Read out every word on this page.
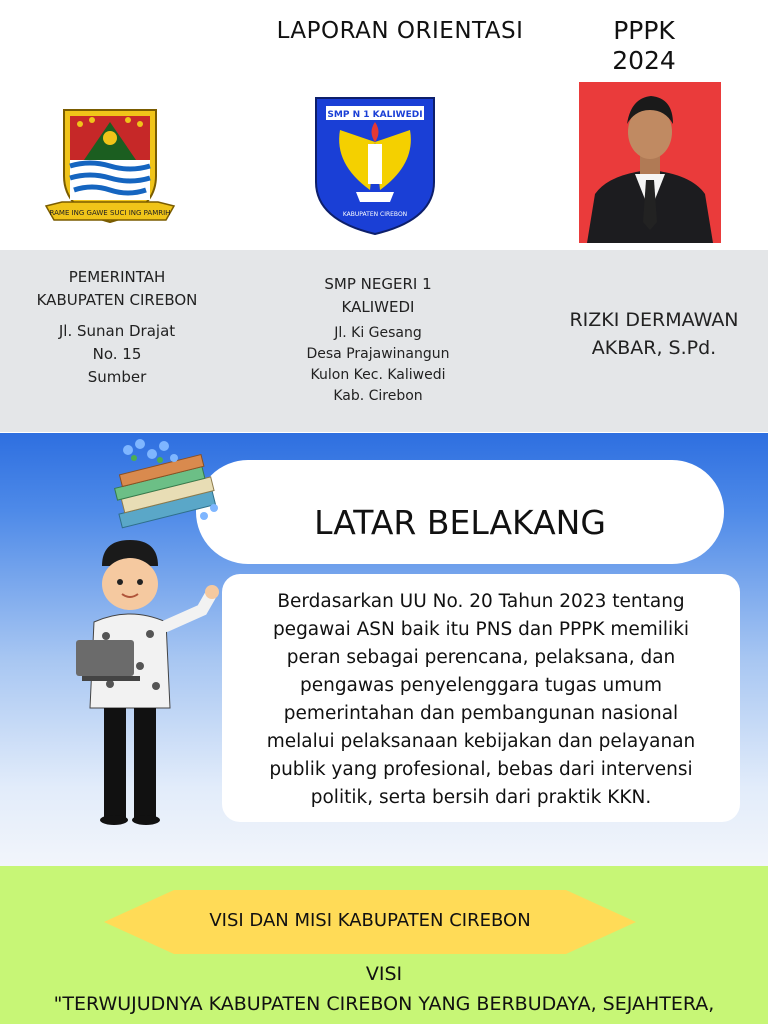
LAPORAN ORIENTASI	PPPK
2024
RAME ING GAWE SUCI ING PAMRIH
SMP N 1 KALIWEDI
KABUPATEN CIREBON
PEMERINTAH
KABUPATEN CIREBON
Jl. Sunan Drajat
No. 15
Sumber
SMP NEGERI 1
KALIWEDI
Jl. Ki Gesang
Desa Prajawinangun
Kulon Kec. Kaliwedi
Kab. Cirebon
RIZKI DERMAWAN
AKBAR, S.Pd.
LATAR BELAKANG
Berdasarkan UU No. 20 Tahun 2023 tentang
pegawai ASN baik itu PNS dan PPPK memiliki
peran sebagai perencana, pelaksana, dan
pengawas penyelenggara tugas umum
pemerintahan dan pembangunan nasional
melalui pelaksanaan kebijakan dan pelayanan
publik yang profesional, bebas dari intervensi
politik, serta bersih dari praktik KKN.
VISI DAN MISI KABUPATEN CIREBON
VISI
"TERWUJUDNYA KABUPATEN CIREBON YANG BERBUDAYA, SEJAHTERA,
